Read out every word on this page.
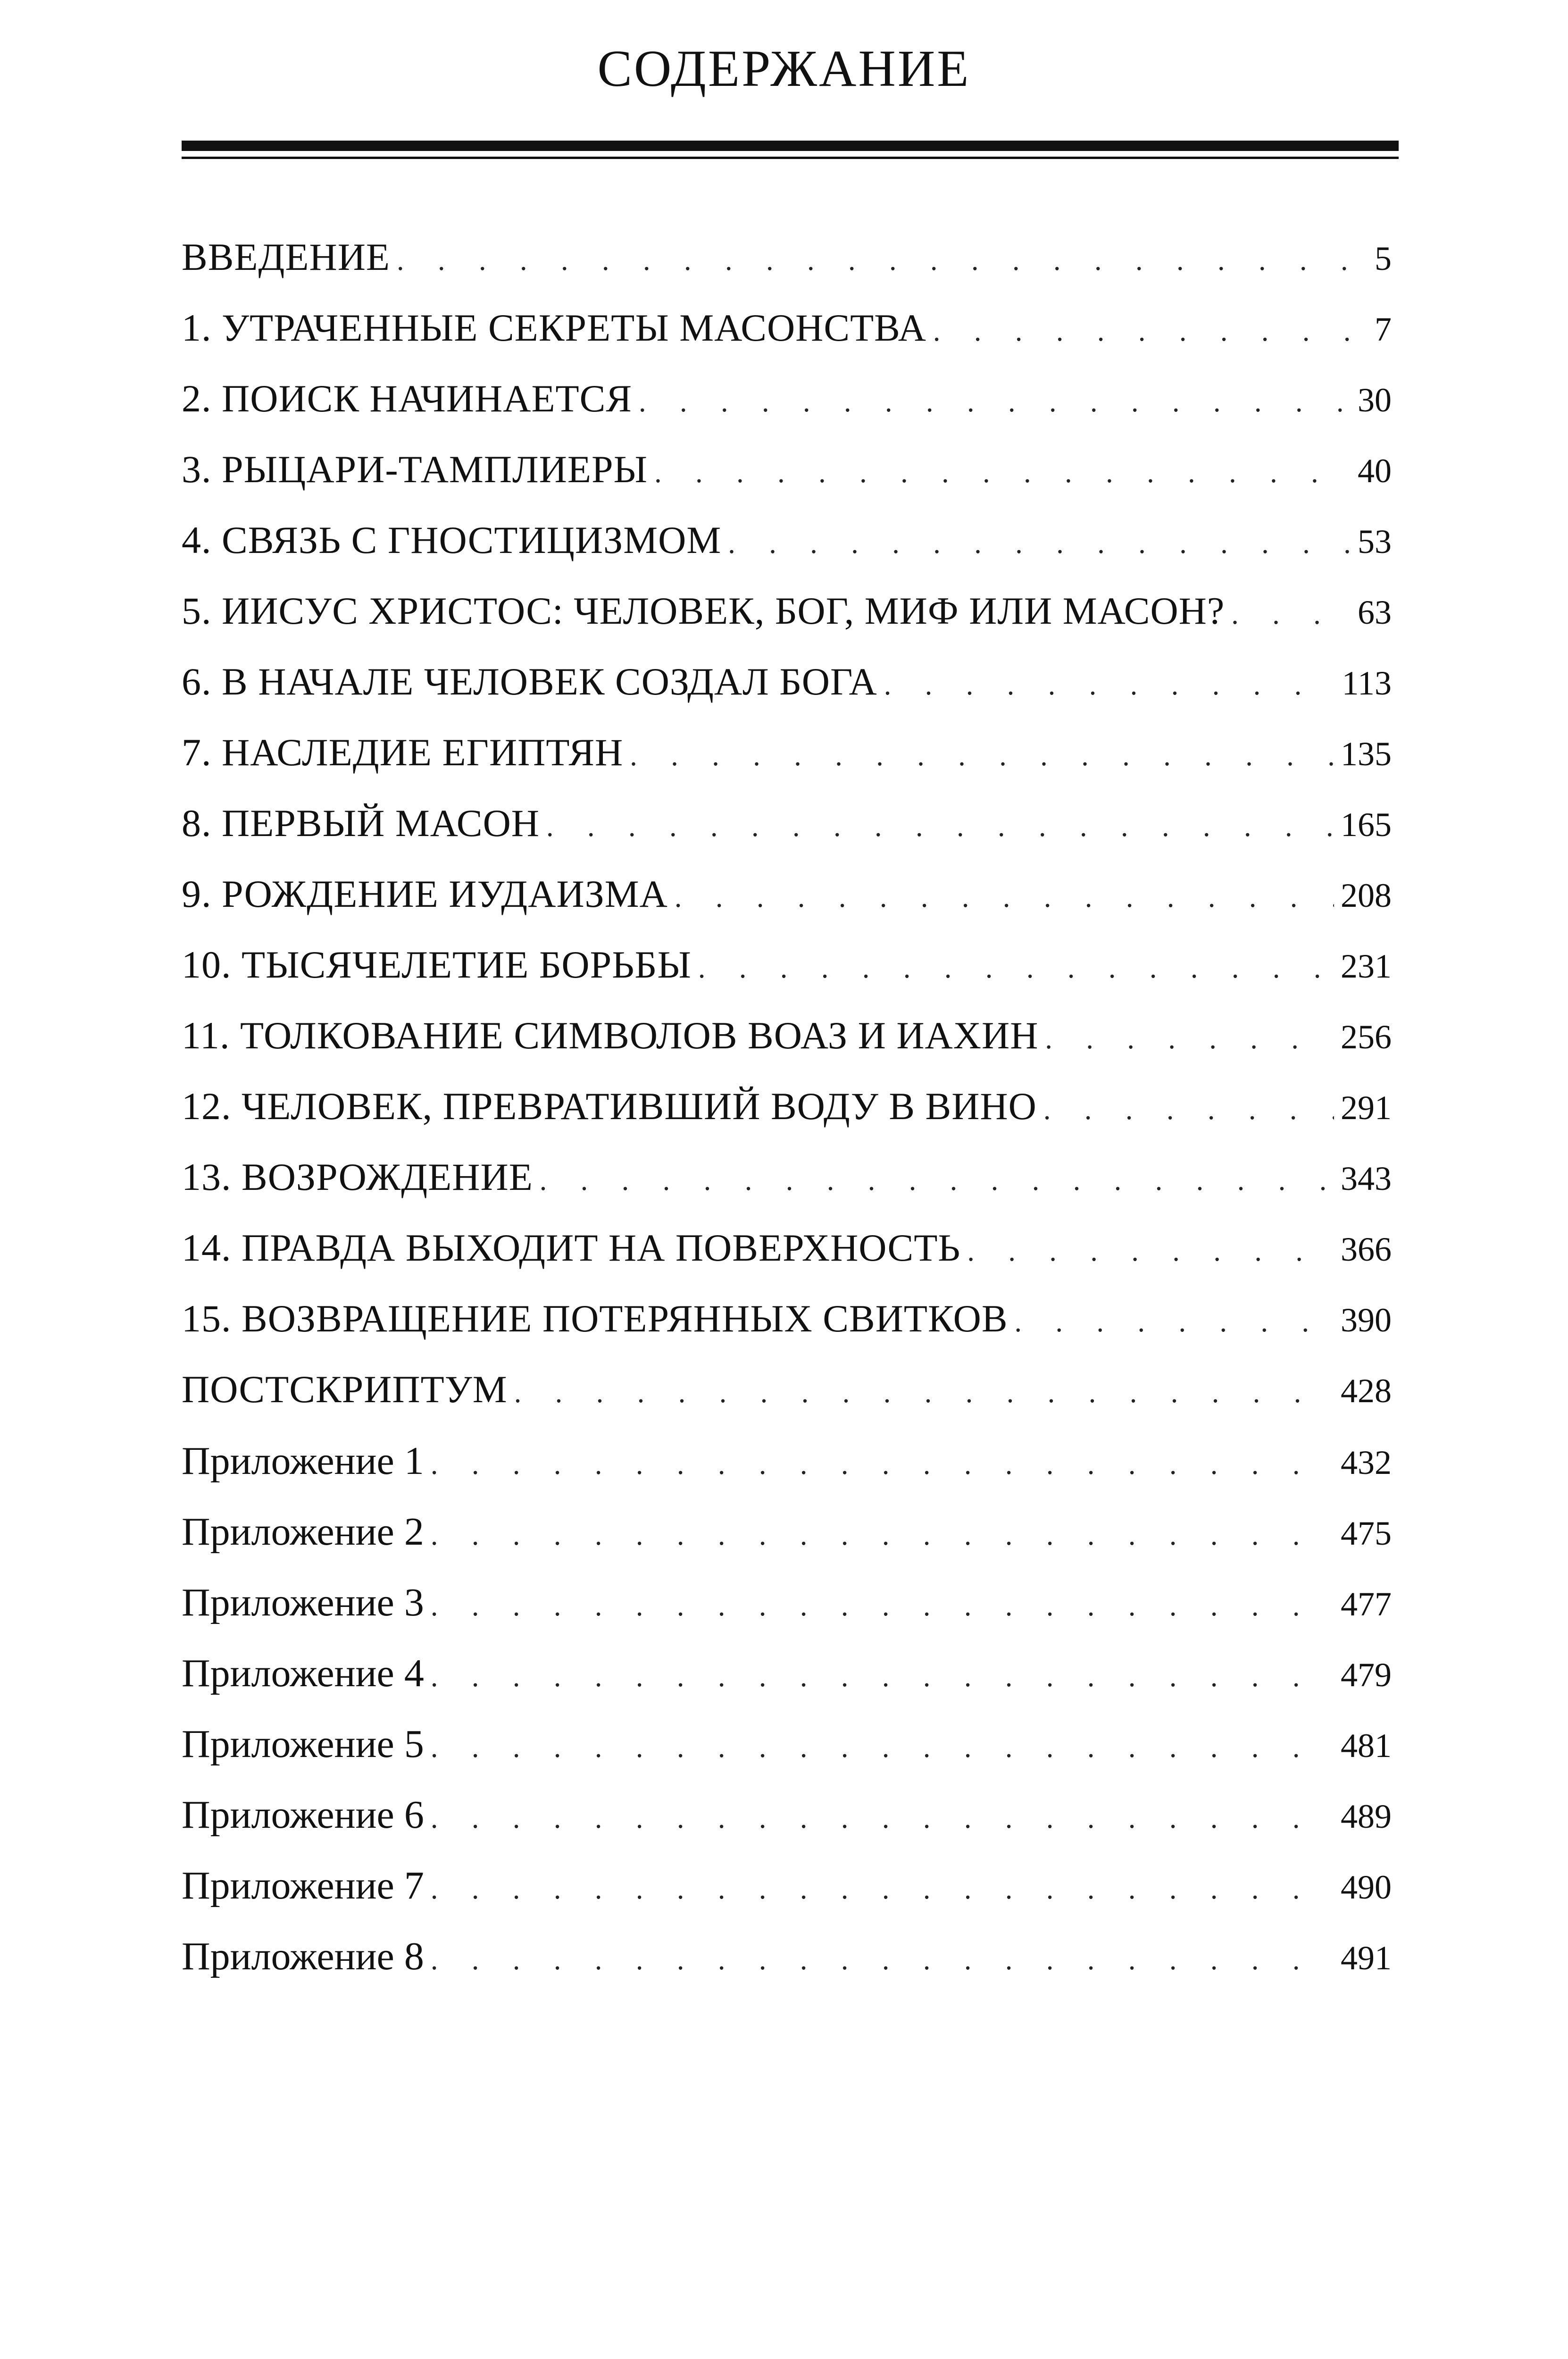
СОДЕРЖАНИЕ
ВВЕДЕНИЕ . . .	5
1. УТРАЧЕННЫЕ СЕКРЕТЫ МАСОНСТВА . . .	7
2. ПОИСК НАЧИНАЕТСЯ . . .	30
3. РЫЦАРИ-ТАМПЛИЕРЫ . . .	40
4. СВЯЗЬ С ГНОСТИЦИЗМОМ . . .	53
5. ИИСУС ХРИСТОС: ЧЕЛОВЕК, БОГ, МИФ ИЛИ МАСОН? . . .	63
6. В НАЧАЛЕ ЧЕЛОВЕК СОЗДАЛ БОГА . . .	113
7. НАСЛЕДИЕ ЕГИПТЯН . . .	135
8. ПЕРВЫЙ МАСОН . . .	165
9. РОЖДЕНИЕ ИУДАИЗМА . . .	208
10. ТЫСЯЧЕЛЕТИЕ БОРЬБЫ . . .	231
11. ТОЛКОВАНИЕ СИМВОЛОВ ВОАЗ И ИАХИН . . .	256
12. ЧЕЛОВЕК, ПРЕВРАТИВШИЙ ВОДУ В ВИНО . . .	291
13. ВОЗРОЖДЕНИЕ . . .	343
14. ПРАВДА ВЫХОДИТ НА ПОВЕРХНОСТЬ . . .	366
15. ВОЗВРАЩЕНИЕ ПОТЕРЯННЫХ СВИТКОВ . . .	390
ПОСТСКРИПТУМ . . .	428
Приложение 1 . . .	432
Приложение 2 . . .	475
Приложение 3 . . .	477
Приложение 4 . . .	479
Приложение 5 . . .	481
Приложение 6 . . .	489
Приложение 7 . . .	490
Приложение 8 . . .	491
